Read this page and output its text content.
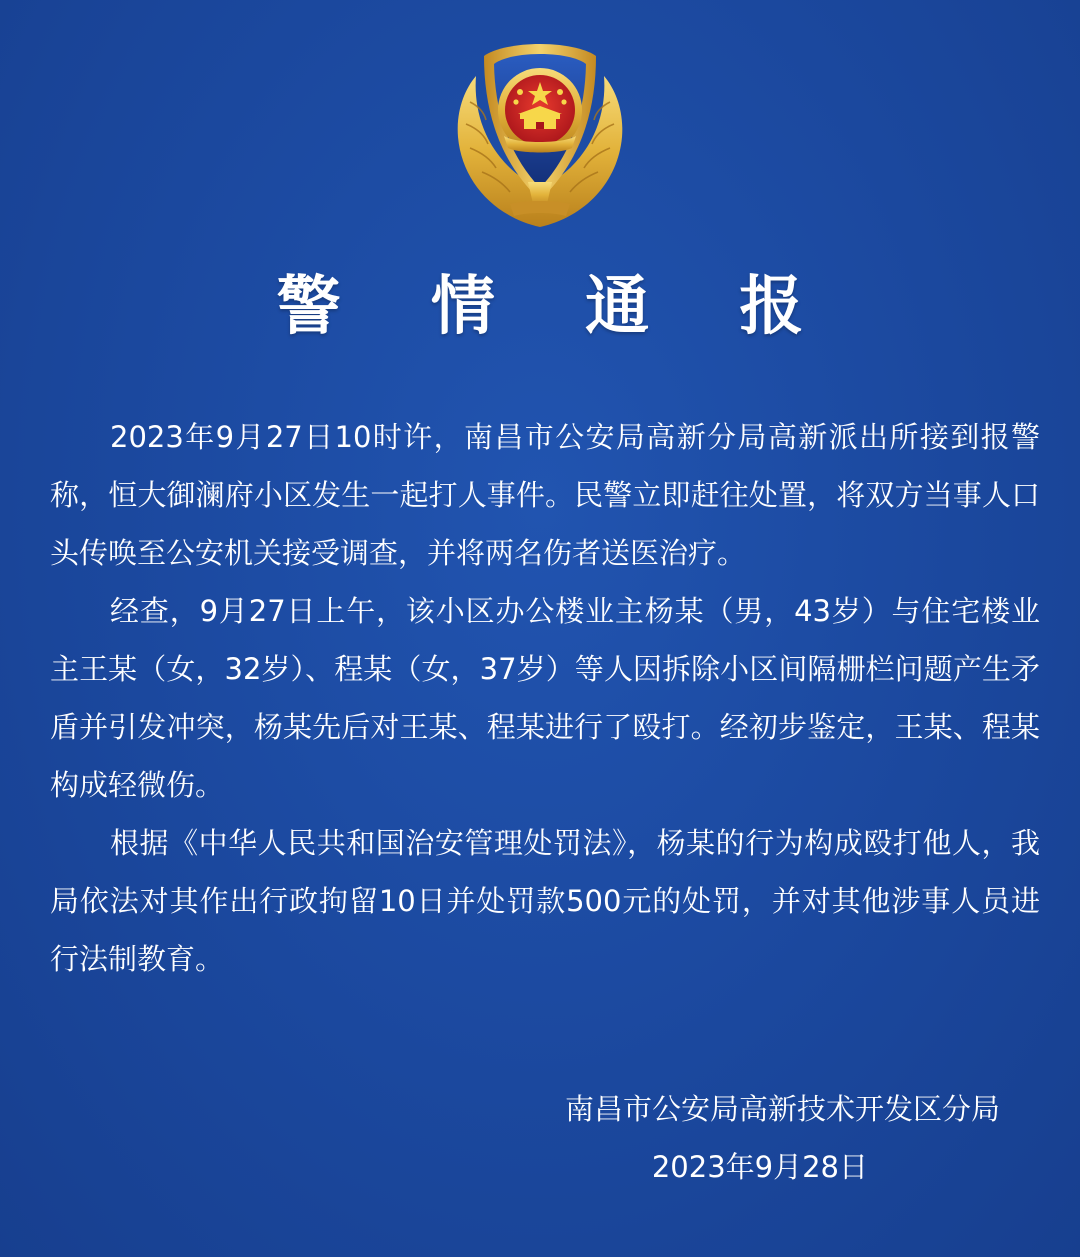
警 情 通 报

2023年9月27日10时许，南昌市公安局高新分局高新派出所接到报警称，恒大御澜府小区发生一起打人事件。民警立即赶往处置，将双方当事人口头传唤至公安机关接受调查，并将两名伤者送医治疗。

经查，9月27日上午，该小区办公楼业主杨某（男，43岁）与住宅楼业主王某（女，32岁）、程某（女，37岁）等人因拆除小区间隔栅栏问题产生矛盾并引发冲突，杨某先后对王某、程某进行了殴打。经初步鉴定，王某、程某构成轻微伤。

根据《中华人民共和国治安管理处罚法》，杨某的行为构成殴打他人，我局依法对其作出行政拘留10日并处罚款500元的处罚，并对其他涉事人员进行法制教育。

南昌市公安局高新技术开发区分局
2023年9月28日
